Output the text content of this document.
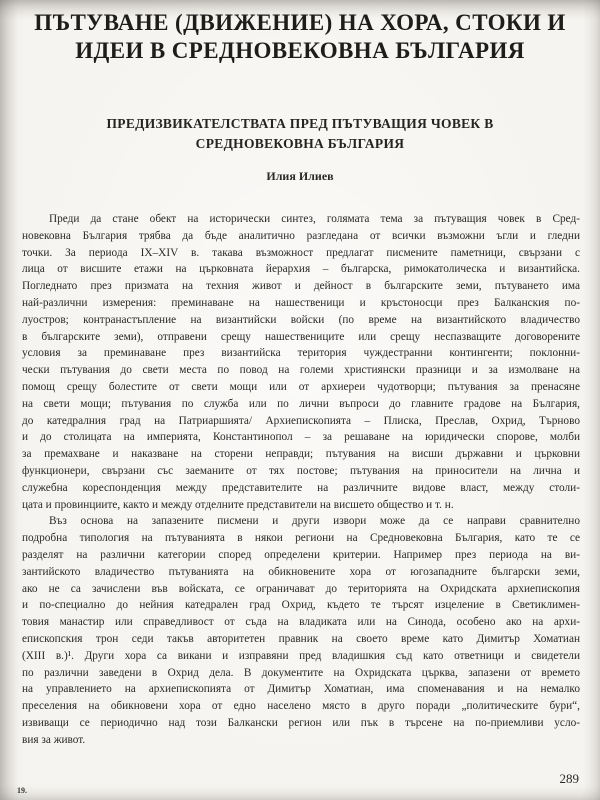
ПЪТУВАНЕ (ДВИЖЕНИЕ) НА ХОРА, СТОКИ И
ИДЕИ В СРЕДНОВЕКОВНА БЪЛГАРИЯ
ПРЕДИЗВИКАТЕЛСТВАТА ПРЕД ПЪТУВАЩИЯ ЧОВЕК В
СРЕДНОВЕКОВНА БЪЛГАРИЯ
Илия Илиев
Преди да стане обект на исторически синтез, голямата тема за пътуващия човек в Сред-
новековна България трябва да бъде аналитично разгледана от всички възможни ъгли и гледни
точки. За периода IX–XIV в. такава възможност предлагат писмените паметници, свързани с
лица от висшите етажи на църковната йерархия – българска, римокатолическа и византийска.
Погледнато през призмата на техния живот и дейност в българските земи, пътуването има
най-различни измерения: преминаване на нашественици и кръстоносци през Балканския по-
луостров; контранастъпление на византийски войски (по време на византийското владичество
в българските земи), отправени срещу нашествениците или срещу неспазващите договорените
условия за преминаване през византийска територия чуждестранни контингенти; поклонни-
чески пътувания до свети места по повод на големи християнски празници и за измолване на
помощ срещу болестите от свети мощи или от архиереи чудотворци; пътувания за пренасяне
на свети мощи; пътувания по служба или по лични въпроси до главните градове на България,
до катедралния град на Патриаршията/ Архиепископията – Плиска, Преслав, Охрид, Търново
и до столицата на империята, Константинопол – за решаване на юридически спорове, молби
за премахване и наказване на сторени неправди; пътувания на висши държавни и църковни
функционери, свързани със заеманите от тях постове; пътувания на приносители на лична и
служебна кореспонденция между представителите на различните видове власт, между столи-
цата и провинциите, както и между отделните представители на висшето общество и т. н.
Въз основа на запазените писмени и други извори може да се направи сравнително
подробна типология на пътуванията в някои региони на Средновековна България, като те се
разделят на различни категории според определени критерии. Например през периода на ви-
зантийското владичество пътуванията на обикновените хора от югозападните български земи,
ако не са зачислени във войската, се ограничават до територията на Охридската архиепископия
и по-специално до нейния катедрален град Охрид, където те търсят изцеление в Светиклимен-
товия манастир или справедливост от съда на владиката или на Синода, особено ако на архи-
епископския трон седи такъв авторитетен правник на своето време като Димитър Хоматиан
(XIII в.)¹. Други хора са викани и изправяни пред владишкия съд като ответници и свидетели
по различни заведени в Охрид дела. В документите на Охридската църква, запазени от времето
на управлението на архиепископията от Димитър Хоматиан, има споменавания и на немалко
преселения на обикновени хора от едно населено място в друго поради „политическите бури“,
извиващи се периодично над този Балкански регион или пък в търсене на по-приемливи усло-
вия за живот.
289
19.
